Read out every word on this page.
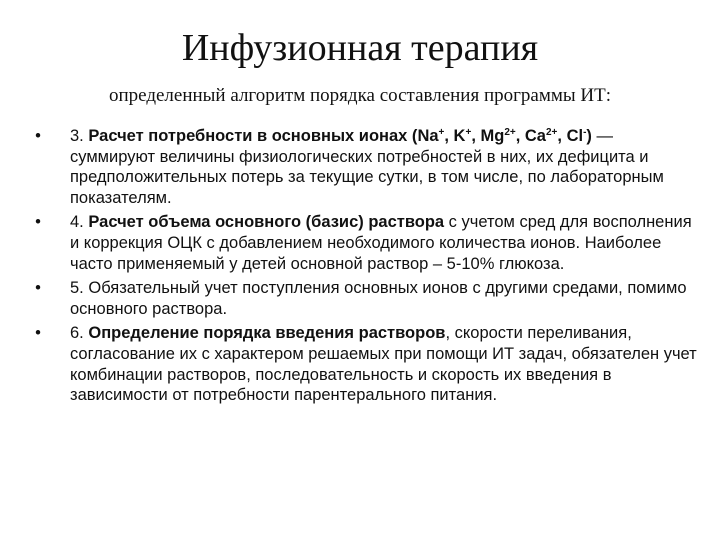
Инфузионная терапия
определенный алгоритм порядка составления программы ИТ:
•	3. Расчет потребности в основных ионах (Na+, K+, $Mg^{2+}$, $Ca^{2+}$, Cl-) — суммируют величины физиологических потребностей в них, их дефицита и предположительных потерь за текущие сутки, в том числе, по лабораторным показателям.
•	4. Расчет объема основного (базис) раствора с учетом сред для восполнения и коррекция ОЦК с добавлением необходимого количества ионов. Наиболее часто применяемый у детей основной раствор – 5-10% глюкоза.
•	5. Обязательный учет поступления основных ионов с другими средами, помимо основного раствора.
•	6. Определение порядка введения растворов, скорости переливания, согласование их с характером решаемых при помощи ИТ задач, обязателен учет комбинации растворов, последовательность и скорость их введения в зависимости от потребности парентерального питания.
